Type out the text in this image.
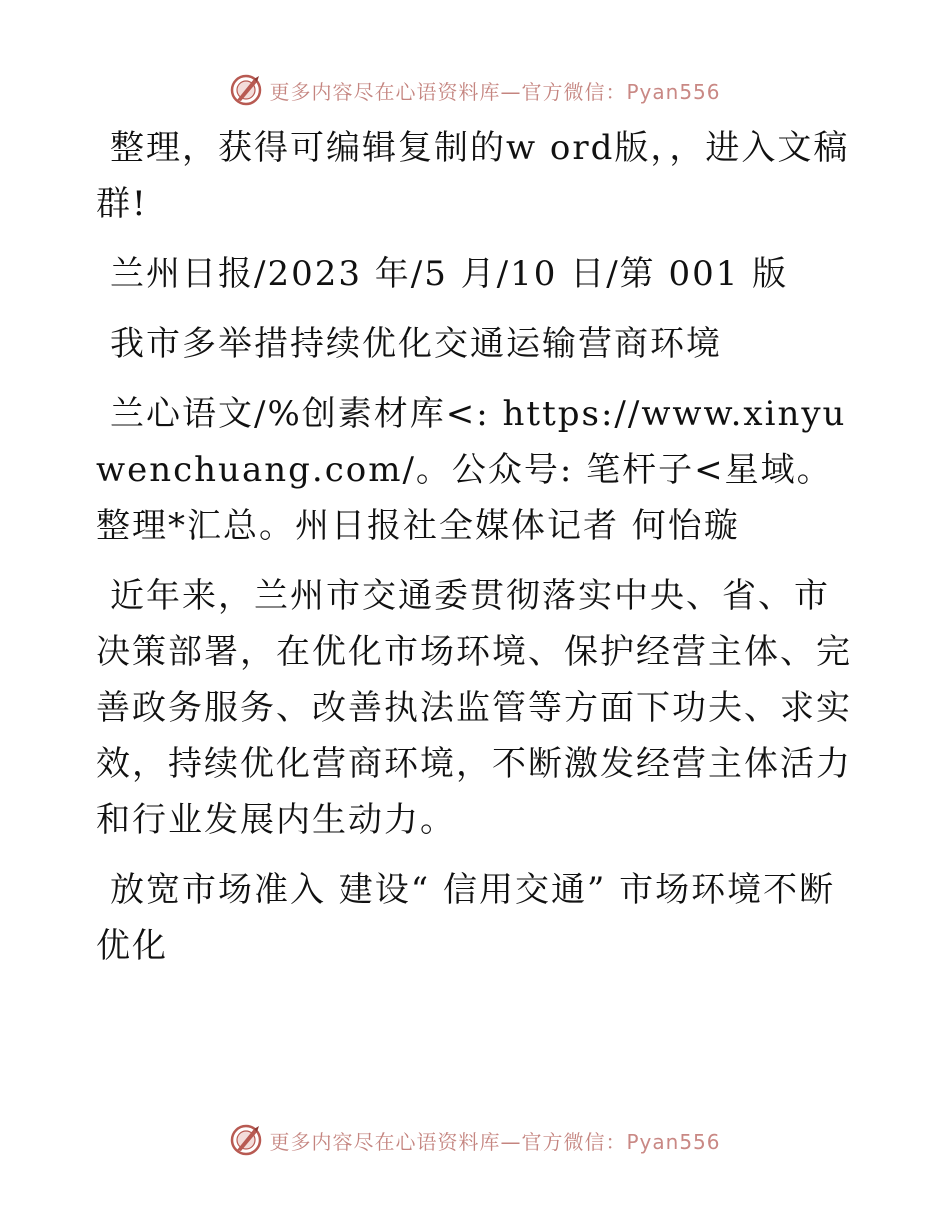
更多内容尽在心语资料库—官方微信：Pyan556

整理，获得可编辑复制的w ord版，，进入文稿群!

兰州日报/2023 年/5 月/10 日/第 001 版

我市多举措持续优化交通运输营商环境

兰心语文/%创素材库<: https://www.xinyuwenchuang.com/。公众号: 笔杆子<星域。整理*汇总。州日报社全媒体记者 何怡璇

近年来，兰州市交通委贯彻落实中央、省、市决策部署，在优化市场环境、保护经营主体、完善政务服务、改善执法监管等方面下功夫、求实效，持续优化营商环境，不断激发经营主体活力和行业发展内生动力。

放宽市场准入 建设“ 信用交通” 市场环境不断优化

更多内容尽在心语资料库—官方微信：Pyan556
